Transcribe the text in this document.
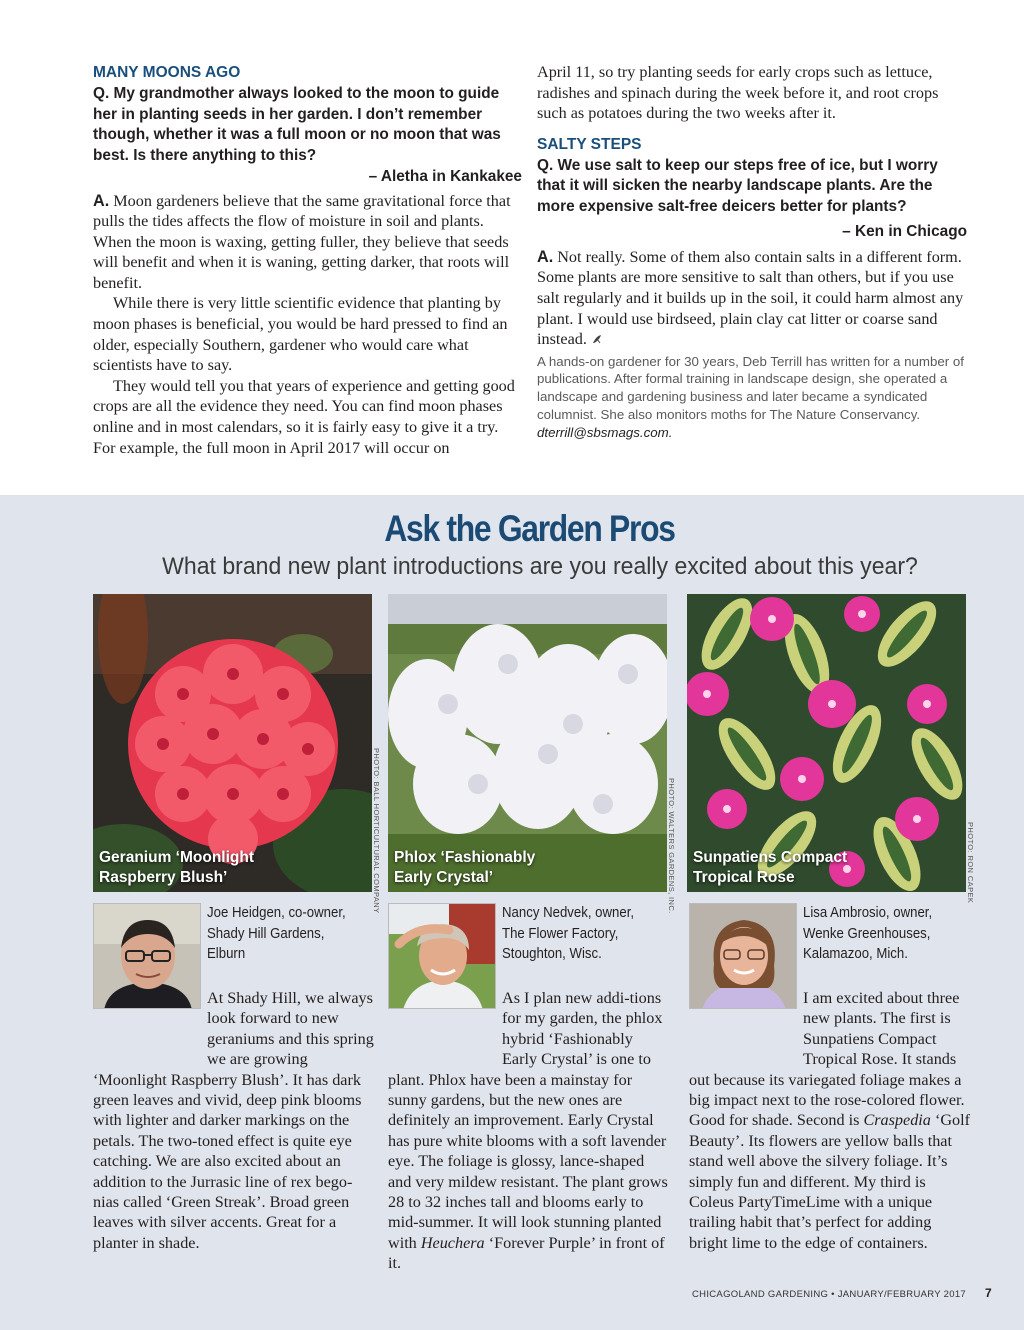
MANY MOONS AGO
Q. My grandmother always looked to the moon to guide her in planting seeds in her garden. I don’t remember though, whether it was a full moon or no moon that was best. Is there anything to this?
– Aletha in Kankakee

A. Moon gardeners believe that the same gravitational force that pulls the tides affects the flow of moisture in soil and plants. When the moon is waxing, getting fuller, they believe that seeds will benefit and when it is waning, getting darker, that roots will benefit.

While there is very little scientific evidence that planting by moon phases is beneficial, you would be hard pressed to find an older, especially Southern, gardener who would care what scientists have to say.

They would tell you that years of experience and getting good crops are all the evidence they need. You can find moon phases online and in most calendars, so it is fairly easy to give it a try. For example, the full moon in April 2017 will occur on

April 11, so try planting seeds for early crops such as lettuce, radishes and spinach during the week before it, and root crops such as potatoes during the two weeks after it.
SALTY STEPS
Q. We use salt to keep our steps free of ice, but I worry that it will sicken the nearby landscape plants. Are the more expensive salt-free deicers better for plants?
– Ken in Chicago

A. Not really. Some of them also contain salts in a different form. Some plants are more sensitive to salt than others, but if you use salt regularly and it builds up in the soil, it could harm almost any plant. I would use birdseed, plain clay cat litter or coarse sand instead.

A hands-on gardener for 30 years, Deb Terrill has written for a number of publications. After formal training in landscape design, she operated a landscape and gardening business and later became a syndicated columnist. She also monitors moths for The Nature Conservancy. dterrill@sbsmags.com.
Ask the Garden Pros
What brand new plant introductions are you really excited about this year?
Geranium ‘Moonlight
Raspberry Blush’	PHOTO: BALL HORTICULTURAL COMPANY Phlox ‘Fashionably
Early Crystal’	PHOTO: WALTERS GARDENS, INC. Sunpatiens Compact
Tropical Rose	PHOTO: RON CAPEK
Joe Heidgen, co-owner,
Shady Hill Gardens,
Elburn
At Shady Hill, we always look forward to new geraniums and this spring we are growing ‘Moonlight Raspberry Blush’. It has dark green leaves and vivid, deep pink blooms with lighter and darker markings on the petals. The two-toned effect is quite eye catching. We are also excited about an addition to the Jurrasic line of rex bego-nias called ‘Green Streak’. Broad green leaves with silver accents. Great for a planter in shade.
Nancy Nedvek, owner,
The Flower Factory,
Stoughton, Wisc.
As I plan new addi-tions for my garden, the phlox hybrid ‘Fashionably Early Crystal’ is one to plant. Phlox have been a mainstay for sunny gardens, but the new ones are definitely an improvement. Early Crystal has pure white blooms with a soft lavender eye. The foliage is glossy, lance-shaped and very mildew resistant. The plant grows 28 to 32 inches tall and blooms early to mid-summer. It will look stunning planted with Heuchera ‘Forever Purple’ in front of it.
Lisa Ambrosio, owner,
Wenke Greenhouses,
Kalamazoo, Mich.
I am excited about three new plants. The first is Sunpatiens Compact Tropical Rose. It stands out because its variegated foliage makes a big impact next to the rose-colored flower. Good for shade. Second is Craspedia ‘Golf Beauty’. Its flowers are yellow balls that stand well above the silvery foliage. It’s simply fun and different. My third is Coleus PartyTimeLime with a unique trailing habit that’s perfect for adding bright lime to the edge of containers.
CHICAGOLAND GARDENING • JANUARY/FEBRUARY 2017 7
